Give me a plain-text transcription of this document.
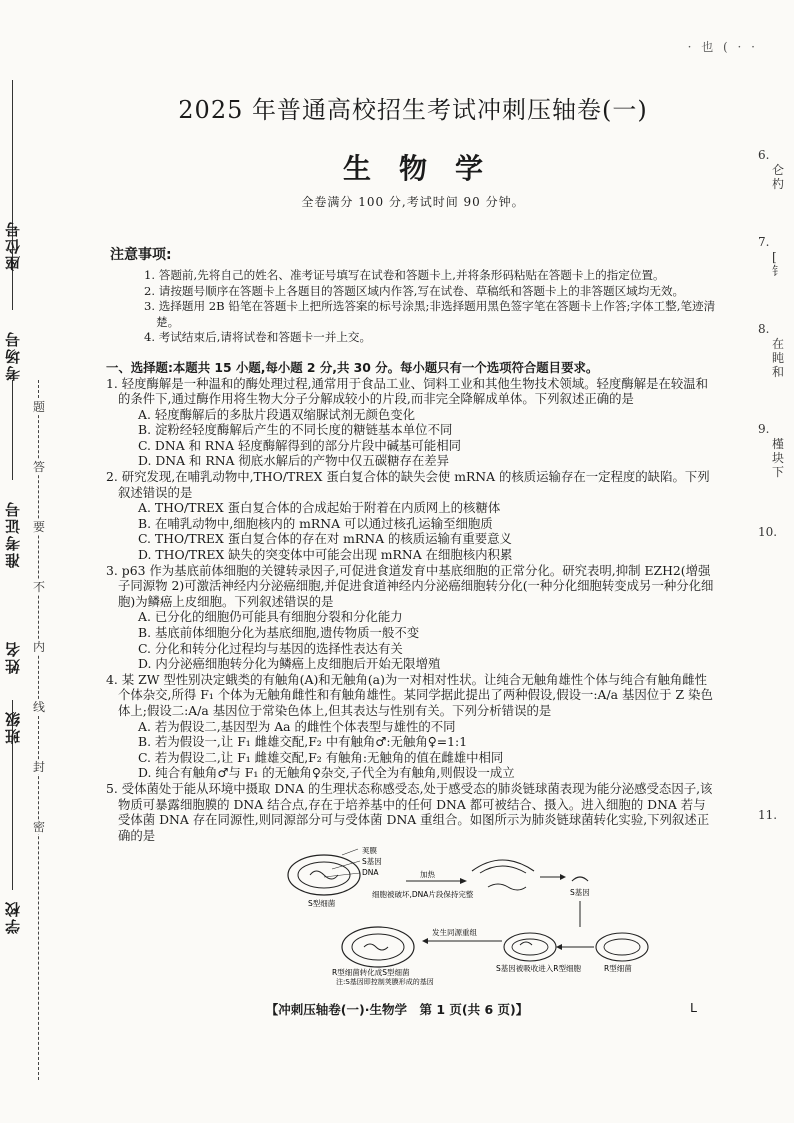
学校
班级
姓名
准考证号
考场号
座位号
题
答
要
不
内
线
封
密
· 也 ( · ·
6.
仑
杓
7.
[
钅
8.
在
盹
和
9.
槿
块
下
10.
11.
2025 年普通高校招生考试冲刺压轴卷(一)
生物学
全卷满分 100 分,考试时间 90 分钟。
注意事项:
1. 答题前,先将自己的姓名、准考证号填写在试卷和答题卡上,并将条形码粘贴在答题卡上的指定位置。
2. 请按题号顺序在答题卡上各题目的答题区域内作答,写在试卷、草稿纸和答题卡上的非答题区域均无效。
3. 选择题用 2B 铅笔在答题卡上把所选答案的标号涂黑;非选择题用黑色签字笔在答题卡上作答;字体工整,笔迹清楚。
4. 考试结束后,请将试卷和答题卡一并上交。
一、选择题:本题共 15 小题,每小题 2 分,共 30 分。每小题只有一个选项符合题目要求。
1. 轻度酶解是一种温和的酶处理过程,通常用于食品工业、饲料工业和其他生物技术领域。轻度酶解是在较温和的条件下,通过酶作用将生物大分子分解成较小的片段,而非完全降解成单体。下列叙述正确的是
A. 轻度酶解后的多肽片段遇双缩脲试剂无颜色变化
B. 淀粉经轻度酶解后产生的不同长度的糖链基本单位不同
C. DNA 和 RNA 轻度酶解得到的部分片段中碱基可能相同
D. DNA 和 RNA 彻底水解后的产物中仅五碳糖存在差异
2. 研究发现,在哺乳动物中,THO/TREX 蛋白复合体的缺失会使 mRNA 的核质运输存在一定程度的缺陷。下列叙述错误的是
A. THO/TREX 蛋白复合体的合成起始于附着在内质网上的核糖体
B. 在哺乳动物中,细胞核内的 mRNA 可以通过核孔运输至细胞质
C. THO/TREX 蛋白复合体的存在对 mRNA 的核质运输有重要意义
D. THO/TREX 缺失的突变体中可能会出现 mRNA 在细胞核内积累
3. p63 作为基底前体细胞的关键转录因子,可促进食道发育中基底细胞的正常分化。研究表明,抑制 EZH2(增强子同源物 2)可激活神经内分泌癌细胞,并促进食道神经内分泌癌细胞转分化(一种分化细胞转变成另一种分化细胞)为鳞癌上皮细胞。下列叙述错误的是
A. 已分化的细胞仍可能具有细胞分裂和分化能力
B. 基底前体细胞分化为基底细胞,遗传物质一般不变
C. 分化和转分化过程均与基因的选择性表达有关
D. 内分泌癌细胞转分化为鳞癌上皮细胞后开始无限增殖
4. 某 ZW 型性别决定蛾类的有触角(A)和无触角(a)为一对相对性状。让纯合无触角雄性个体与纯合有触角雌性个体杂交,所得 F₁ 个体为无触角雌性和有触角雄性。某同学据此提出了两种假设,假设一:A/a 基因位于 Z 染色体上;假设二:A/a 基因位于常染色体上,但其表达与性别有关。下列分析错误的是
A. 若为假设二,基因型为 Aa 的雌性个体表型与雄性的不同
B. 若为假设一,让 F₁ 雌雄交配,F₂ 中有触角♂:无触角♀=1:1
C. 若为假设二,让 F₁ 雌雄交配,F₂ 有触角:无触角的值在雌雄中相同
D. 纯合有触角♂与 F₁ 的无触角♀杂交,子代全为有触角,则假设一成立
5. 受体菌处于能从环境中摄取 DNA 的生理状态称感受态,处于感受态的肺炎链球菌表现为能分泌感受态因子,该物质可暴露细胞膜的 DNA 结合点,存在于培养基中的任何 DNA 都可被结合、摄入。进入细胞的 DNA 若与受体菌 DNA 存在同源性,则同源部分可与受体菌 DNA 重组合。如图所示为肺炎链球菌转化实验,下列叙述正确的是
荚膜
S基因
DNA
S型细菌
加热
细胞被破坏,DNA片段保持完整	S基因
R型细菌
S基因被吸收进入R型细胞
发生同源重组
R型细菌转化成S型细菌
注:S基因即控制荚膜形成的基因
【冲刺压轴卷(一)·生物学　第 1 页(共 6 页)】	L
